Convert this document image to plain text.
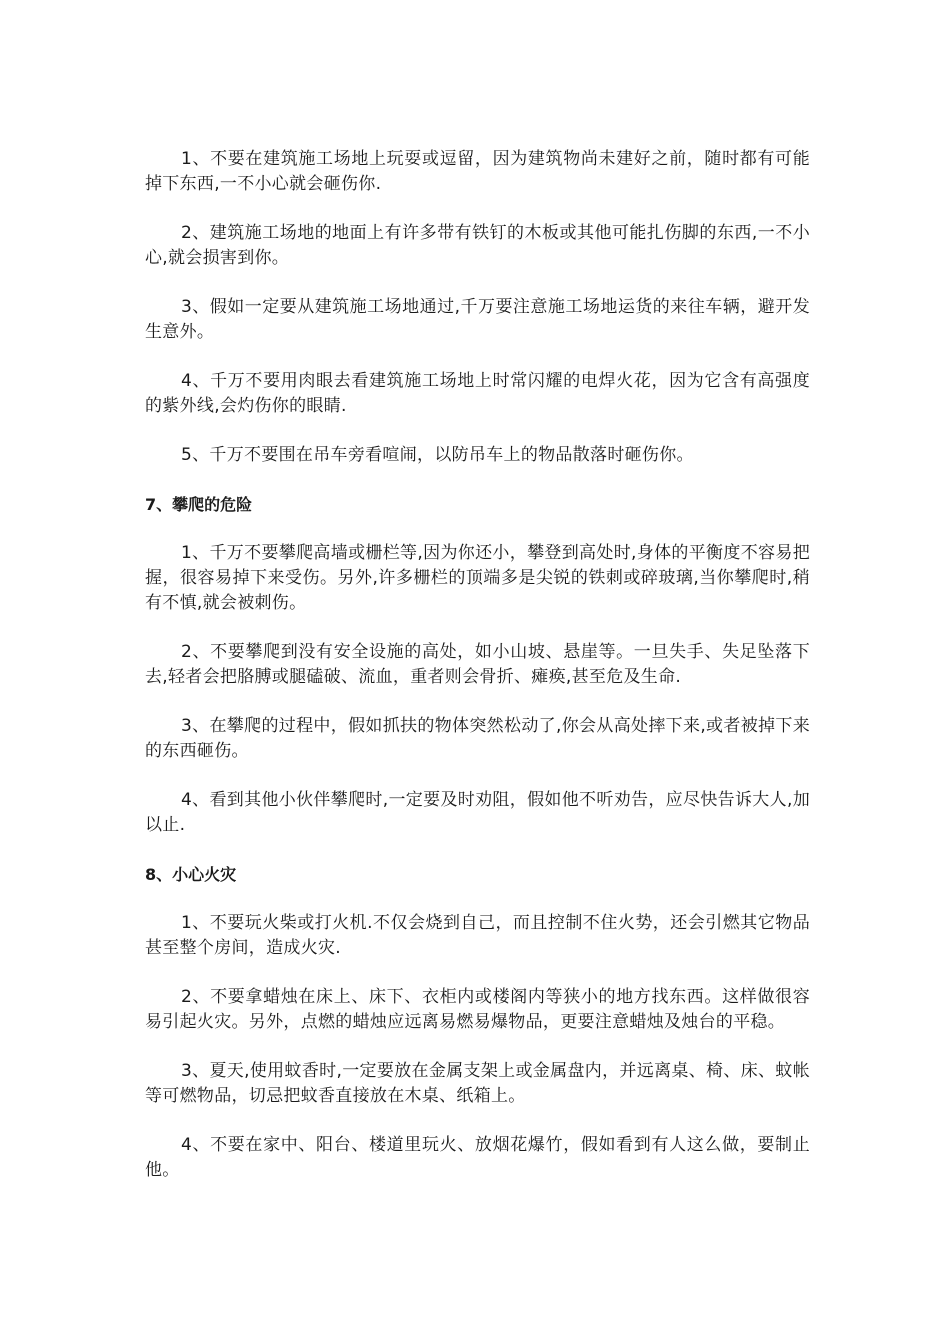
1、不要在建筑施工场地上玩耍或逗留，因为建筑物尚未建好之前，随时都有可能掉下东西,一不小心就会砸伤你.

2、建筑施工场地的地面上有许多带有铁钉的木板或其他可能扎伤脚的东西,一不小心,就会损害到你。

3、假如一定要从建筑施工场地通过,千万要注意施工场地运货的来往车辆，避开发生意外。

4、千万不要用肉眼去看建筑施工场地上时常闪耀的电焊火花，因为它含有高强度的紫外线,会灼伤你的眼睛.

5、千万不要围在吊车旁看喧闹，以防吊车上的物品散落时砸伤你。

7、攀爬的危险

1、千万不要攀爬高墙或栅栏等,因为你还小，攀登到高处时,身体的平衡度不容易把握，很容易掉下来受伤。另外,许多栅栏的顶端多是尖锐的铁刺或碎玻璃,当你攀爬时,稍有不慎,就会被刺伤。

2、不要攀爬到没有安全设施的高处，如小山坡、悬崖等。一旦失手、失足坠落下去,轻者会把胳膊或腿磕破、流血，重者则会骨折、瘫痪,甚至危及生命.

3、在攀爬的过程中，假如抓扶的物体突然松动了,你会从高处摔下来,或者被掉下来的东西砸伤。

4、看到其他小伙伴攀爬时,一定要及时劝阻，假如他不听劝告，应尽快告诉大人,加以止.

8、小心火灾

1、不要玩火柴或打火机.不仅会烧到自己，而且控制不住火势，还会引燃其它物品甚至整个房间，造成火灾.

2、不要拿蜡烛在床上、床下、衣柜内或楼阁内等狭小的地方找东西。这样做很容易引起火灾。另外，点燃的蜡烛应远离易燃易爆物品，更要注意蜡烛及烛台的平稳。

3、夏天,使用蚊香时,一定要放在金属支架上或金属盘内，并远离桌、椅、床、蚊帐等可燃物品，切忌把蚊香直接放在木桌、纸箱上。

4、不要在家中、阳台、楼道里玩火、放烟花爆竹，假如看到有人这么做，要制止他。
